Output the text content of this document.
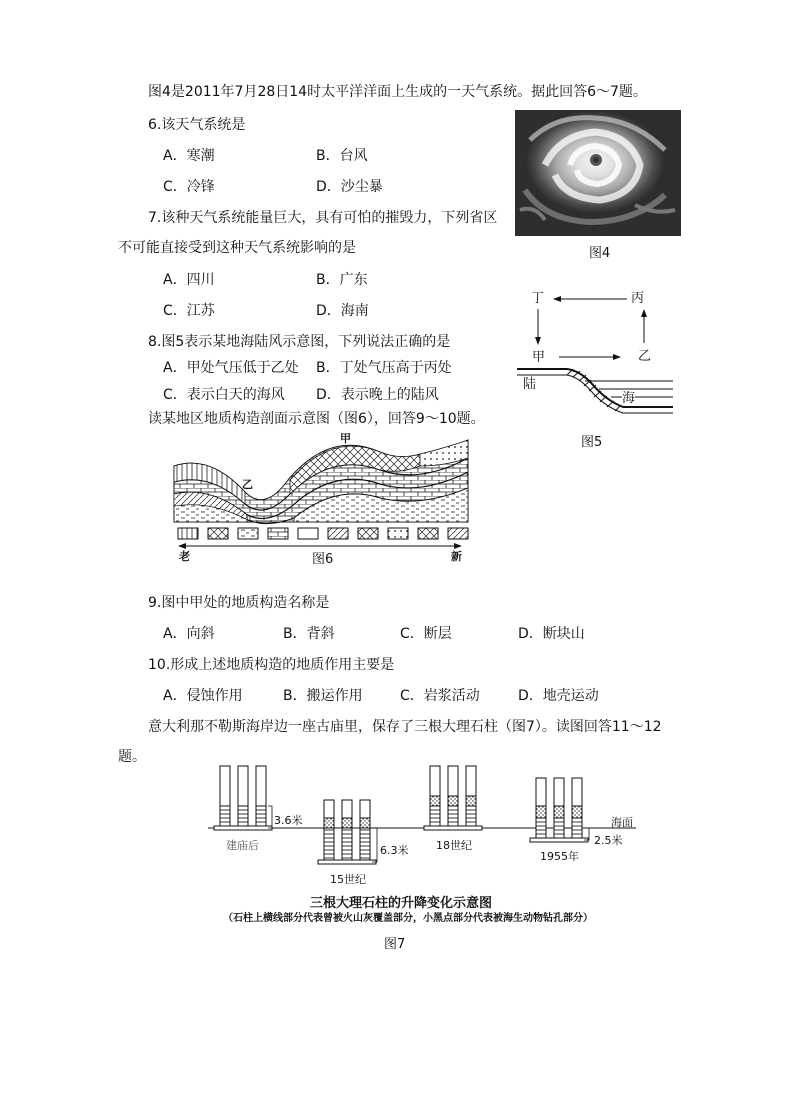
图4是2011年7月28日14时太平洋洋面上生成的一天气系统。据此回答6～7题。
6.该天气系统是
A．寒潮	B．台风
C．冷锋	D．沙尘暴
7.该种天气系统能量巨大，具有可怕的摧毁力，下列省区
不可能直接受到这种天气系统影响的是
A．四川	B．广东
C．江苏	D．海南
8.图5表示某地海陆风示意图，下列说法正确的是
A．甲处气压低于乙处 B．丁处气压高于丙处
C．表示白天的海风 D．表示晚上的陆风
读某地区地质构造剖面示意图（图6），回答9～10题。
9.图中甲处的地质构造名称是
A．向斜	B．背斜	C．断层	D．断块山
10.形成上述地质构造的地质作用主要是
A．侵蚀作用	B．搬运作用	C．岩浆活动	D．地壳运动
意大利那不勒斯海岸边一座古庙里，保存了三根大理石柱（图7）。读图回答11～12
题。
图4
丁	丙
甲	乙
陆
海
图5
甲
乙
老	新
图6
3.6米
6.3米
2.5米
海面
建庙后
15世纪
18世纪
1955年
三根大理石柱的升降变化示意图
（石柱上横线部分代表曾被火山灰覆盖部分，小黑点部分代表被海生动物钻孔部分）
图7
